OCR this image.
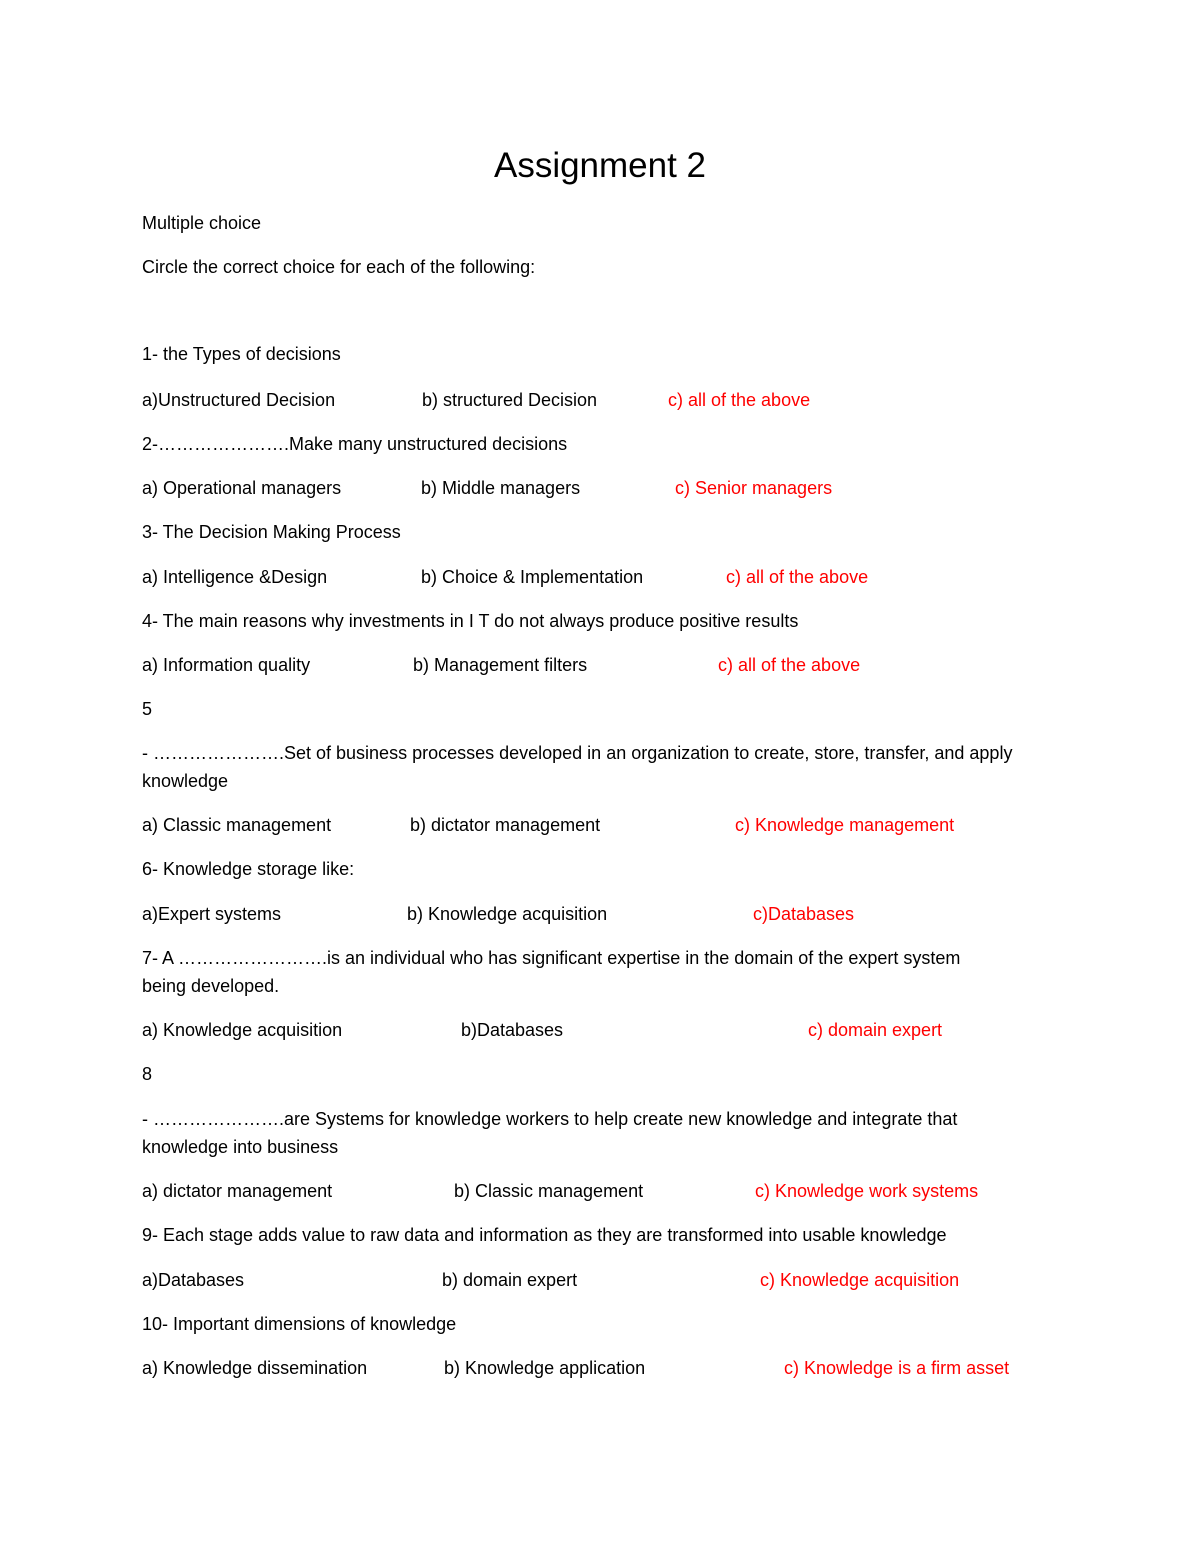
Assignment 2
Multiple choice
Circle the correct choice for each of the following:
1- the Types of decisions
a)Unstructured Decision	b) structured Decision	c) all of the above
2-………………….Make many unstructured decisions
a) Operational managers	b) Middle managers	c) Senior managers
3- The Decision Making Process
a) Intelligence &Design	b) Choice & Implementation	c) all of the above
4- The main reasons why investments in I T do not always produce positive results
a) Information quality	b) Management filters	c) all of the above
5
- ………………….Set of business processes developed in an organization to create, store, transfer, and apply
knowledge
a) Classic management	b) dictator management	c) Knowledge management
6- Knowledge storage like:
a)Expert systems	b) Knowledge acquisition	c)Databases
7- A …………………….is an individual who has significant expertise in the domain of the expert system
being developed.
a) Knowledge acquisition	b)Databases	c) domain expert
8
- ………………….are Systems for knowledge workers to help create new knowledge and integrate that
knowledge into business
a) dictator management	b) Classic management	c) Knowledge work systems
9- Each stage adds value to raw data and information as they are transformed into usable knowledge
a)Databases	b) domain expert	c) Knowledge acquisition
10- Important dimensions of knowledge
a) Knowledge dissemination	b) Knowledge application	c) Knowledge is a firm asset
